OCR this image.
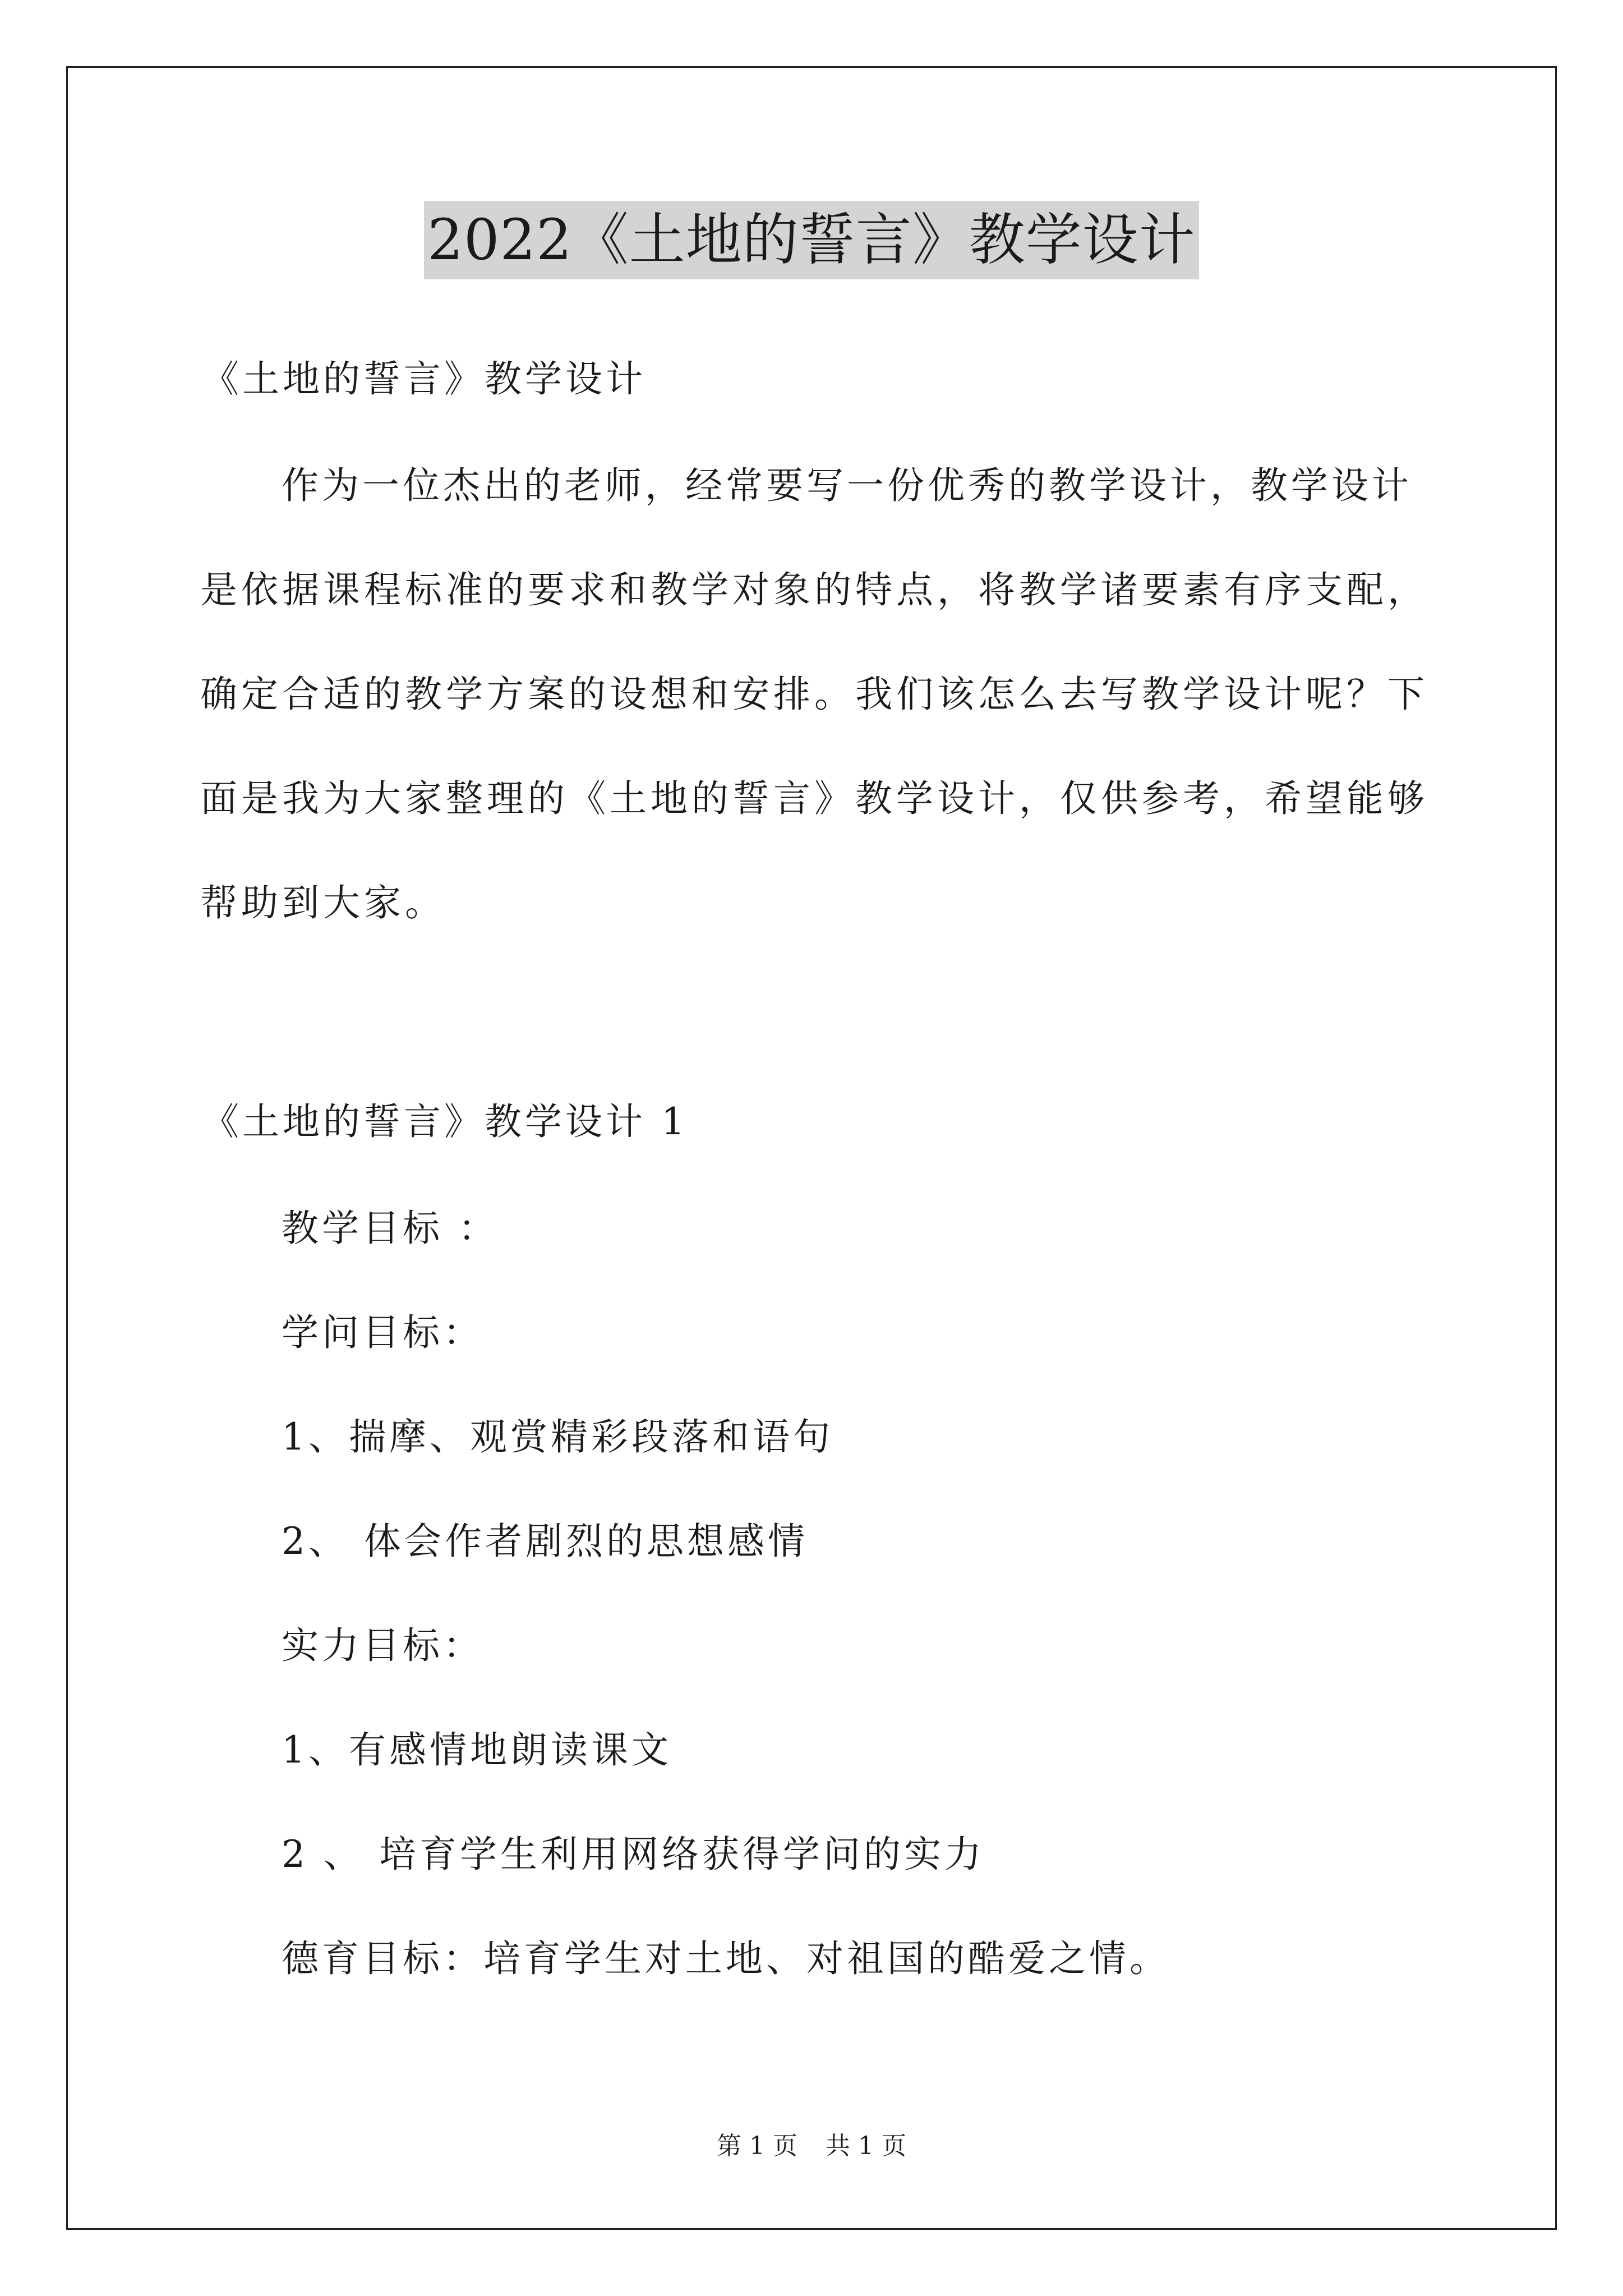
2022《土地的誓言》教学设计
《土地的誓言》教学设计
作为一位杰出的老师，经常要写一份优秀的教学设计，教学设计
是依据课程标准的要求和教学对象的特点，将教学诸要素有序支配，
确定合适的教学方案的设想和安排。我们该怎么去写教学设计呢？下
面是我为大家整理的《土地的誓言》教学设计，仅供参考，希望能够
帮助到大家。
《土地的誓言》教学设计 1
教学目标 ：
学问目标：
1、揣摩、观赏精彩段落和语句
2、 体会作者剧烈的思想感情
实力目标：
1、有感情地朗读课文
2 、 培育学生利用网络获得学问的实力
德育目标：培育学生对土地、对祖国的酷爱之情。
第 1 页 共 1 页
